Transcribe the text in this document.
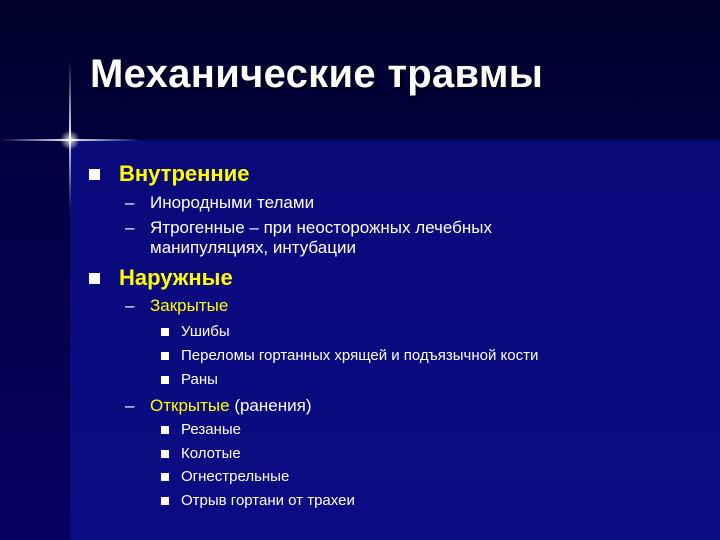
Механические травмы
Внутренние
– Инородными телами
– Ятрогенные – при неосторожных лечебных
манипуляциях, интубации
Наружные
– Закрытые
Ушибы
Переломы гортанных хрящей и подъязычной кости
Раны
– Открытые (ранения)
Резаные
Колотые
Огнестрельные
Отрыв гортани от трахеи
